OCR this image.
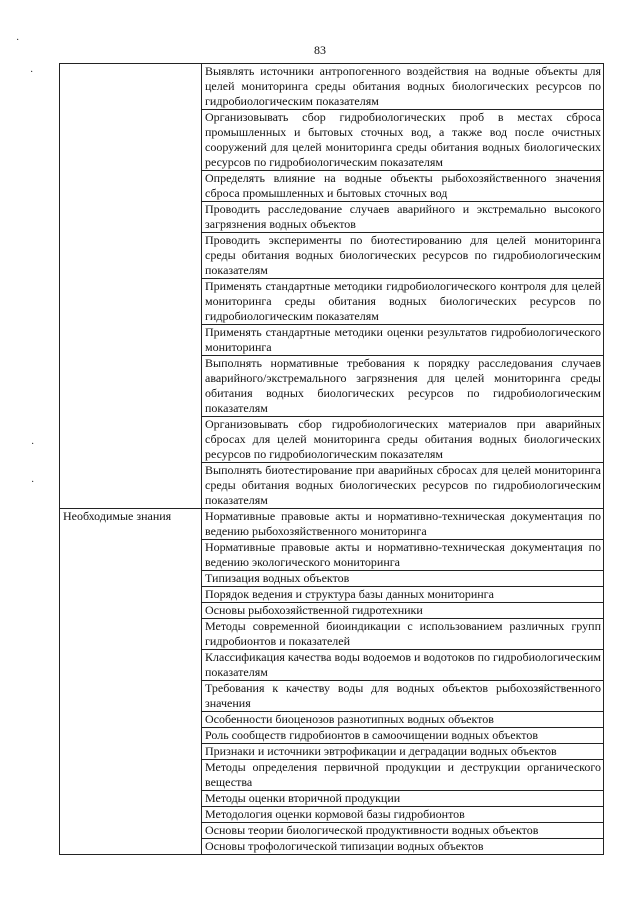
83
·
·
·
·
	Выявлять источники антропогенного воздействия на водные объекты для целей мониторинга среды обитания водных биологических ресурсов по гидробиологическим показателям
	Организовывать сбор гидробиологических проб в местах сброса промышленных и бытовых сточных вод, а также вод после очистных сооружений для целей мониторинга среды обитания водных биологических ресурсов по гидробиологическим показателям
	Определять влияние на водные объекты рыбохозяйственного значения сброса промышленных и бытовых сточных вод
	Проводить расследование случаев аварийного и экстремально высокого загрязнения водных объектов
	Проводить эксперименты по биотестированию для целей мониторинга среды обитания водных биологических ресурсов по гидробиологическим показателям
	Применять стандартные методики гидробиологического контроля для целей мониторинга среды обитания водных биологических ресурсов по гидробиологическим показателям
	Применять стандартные методики оценки результатов гидробиологического мониторинга
	Выполнять нормативные требования к порядку расследования случаев аварийного/экстремального загрязнения для целей мониторинга среды обитания водных биологических ресурсов по гидробиологическим показателям
	Организовывать сбор гидробиологических материалов при аварийных сбросах для целей мониторинга среды обитания водных биологических ресурсов по гидробиологическим показателям
	Выполнять биотестирование при аварийных сбросах для целей мониторинга среды обитания водных биологических ресурсов по гидробиологическим показателям

Необходимые знания	Нормативные правовые акты и нормативно-техническая документация по ведению рыбохозяйственного мониторинга
	Нормативные правовые акты и нормативно-техническая документация по ведению экологического мониторинга
	Типизация водных объектов
	Порядок ведения и структура базы данных мониторинга
	Основы рыбохозяйственной гидротехники
	Методы современной биоиндикации с использованием различных групп гидробионтов и показателей
	Классификация качества воды водоемов и водотоков по гидробиологическим показателям
	Требования к качеству воды для водных объектов рыбохозяйственного значения
	Особенности биоценозов разнотипных водных объектов
	Роль сообществ гидробионтов в самоочищении водных объектов
	Признаки и источники эвтрофикации и деградации водных объектов
	Методы определения первичной продукции и деструкции органического вещества
	Методы оценки вторичной продукции
	Методология оценки кормовой базы гидробионтов
	Основы теории биологической продуктивности водных объектов
	Основы трофологической типизации водных объектов
